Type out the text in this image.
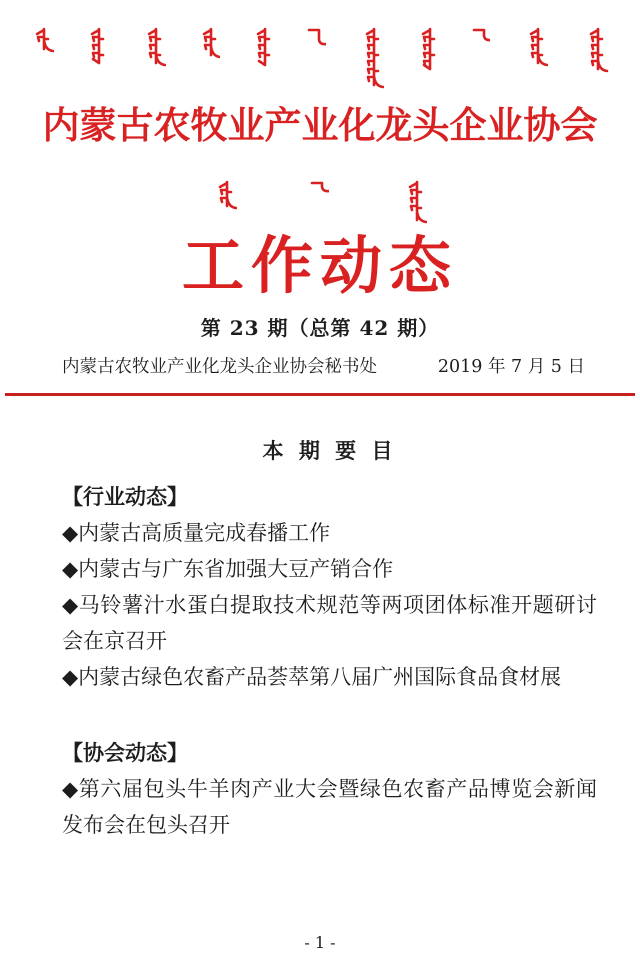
内蒙古农牧业产业化龙头企业协会
工作动态
第 23 期（总第 42 期）
内蒙古农牧业产业化龙头企业协会秘书处	2019 年 7 月 5 日
本 期 要 目
【行业动态】

◆内蒙古高质量完成春播工作

◆内蒙古与广东省加强大豆产销合作

◆马铃薯汁水蛋白提取技术规范等两项团体标准开题研讨会在京召开

◆内蒙古绿色农畜产品荟萃第八届广州国际食品食材展

【协会动态】

◆第六届包头牛羊肉产业大会暨绿色农畜产品博览会新闻发布会在包头召开

- 1 -
